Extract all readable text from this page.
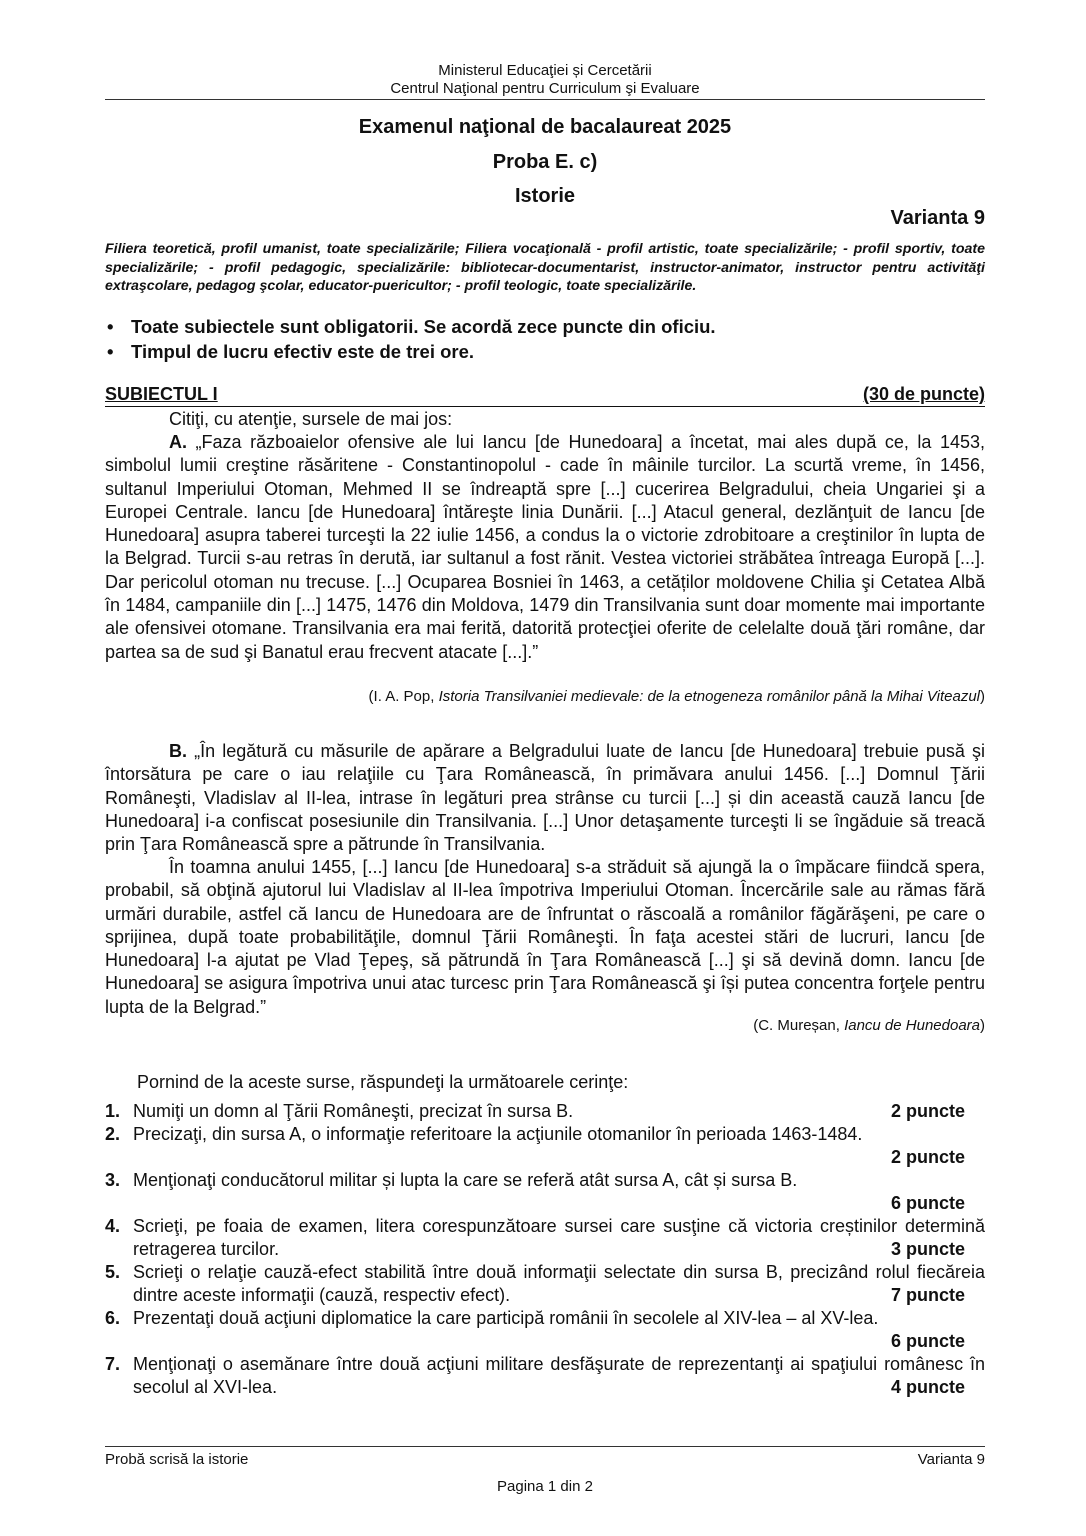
Ministerul Educaţiei și Cercetării
Centrul Naţional pentru Curriculum şi Evaluare
Examenul naţional de bacalaureat 2025
Proba E. c)
Istorie
Varianta 9
Filiera teoretică, profil umanist, toate specializările; Filiera vocaţională - profil artistic, toate specializările; - profil sportiv, toate specializările; - profil pedagogic, specializările: bibliotecar-documentarist, instructor-animator, instructor pentru activităţi extraşcolare, pedagog şcolar, educator-puericultor; - profil teologic, toate specializările.
• Toate subiectele sunt obligatorii. Se acordă zece puncte din oficiu.
• Timpul de lucru efectiv este de trei ore.
SUBIECTUL I	(30 de puncte)
Citiţi, cu atenţie, sursele de mai jos:
A. „Faza războaielor ofensive ale lui Iancu [de Hunedoara] a încetat, mai ales după ce, la 1453, simbolul lumii creştine răsăritene - Constantinopolul - cade în mâinile turcilor. La scurtă vreme, în 1456, sultanul Imperiului Otoman, Mehmed II se îndreaptă spre [...] cucerirea Belgradului, cheia Ungariei şi a Europei Centrale. Iancu [de Hunedoara] întăreşte linia Dunării. [...] Atacul general, dezlănţuit de Iancu [de Hunedoara] asupra taberei turceşti la 22 iulie 1456, a condus la o victorie zdrobitoare a creştinilor în lupta de la Belgrad. Turcii s-au retras în derută, iar sultanul a fost rănit. Vestea victoriei străbătea întreaga Europă [...]. Dar pericolul otoman nu trecuse. [...] Ocuparea Bosniei în 1463, a cetăților moldovene Chilia şi Cetatea Albă în 1484, campaniile din [...] 1475, 1476 din Moldova, 1479 din Transilvania sunt doar momente mai importante ale ofensivei otomane. Transilvania era mai ferită, datorită protecţiei oferite de celelalte două ţări române, dar partea sa de sud şi Banatul erau frecvent atacate [...].”
(I. A. Pop, Istoria Transilvaniei medievale: de la etnogeneza românilor până la Mihai Viteazul)
B. „În legătură cu măsurile de apărare a Belgradului luate de Iancu [de Hunedoara] trebuie pusă şi întorsătura pe care o iau relaţiile cu Ţara Românească, în primăvara anului 1456. [...] Domnul Ţării Româneşti, Vladislav al II-lea, intrase în legături prea strânse cu turcii [...] și din această cauză Iancu [de Hunedoara] i-a confiscat posesiunile din Transilvania. [...] Unor detaşamente turceşti li se îngăduie să treacă prin Ţara Românească spre a pătrunde în Transilvania.
În toamna anului 1455, [...] Iancu [de Hunedoara] s-a străduit să ajungă la o împăcare fiindcă spera, probabil, să obţină ajutorul lui Vladislav al II-lea împotriva Imperiului Otoman. Încercările sale au rămas fără urmări durabile, astfel că Iancu de Hunedoara are de înfruntat o răscoală a românilor făgărăşeni, pe care o sprijinea, după toate probabilităţile, domnul Ţării Româneşti. În faţa acestei stări de lucruri, Iancu [de Hunedoara] l-a ajutat pe Vlad Ţepeş, să pătrundă în Ţara Românească [...] şi să devină domn. Iancu [de Hunedoara] se asigura împotriva unui atac turcesc prin Ţara Românească şi își putea concentra forţele pentru lupta de la Belgrad.”
(C. Mureșan, Iancu de Hunedoara)
Pornind de la aceste surse, răspundeţi la următoarele cerinţe:
1. Numiţi un domn al Ţării Româneşti, precizat în sursa B.	2 puncte
2. Precizaţi, din sursa A, o informaţie referitoare la acţiunile otomanilor în perioada 1463-1484.
2 puncte
3. Menţionaţi conducătorul militar și lupta la care se referă atât sursa A, cât și sursa B.
6 puncte
4. Scrieţi, pe foaia de examen, litera corespunzătoare sursei care susţine că victoria creștinilor determină retragerea turcilor.	3 puncte
5. Scrieţi o relaţie cauză-efect stabilită între două informaţii selectate din sursa B, precizând rolul fiecăreia dintre aceste informaţii (cauză, respectiv efect).	7 puncte
6. Prezentaţi două acţiuni diplomatice la care participă românii în secolele al XIV-lea – al XV-lea.
6 puncte
7. Menţionaţi o asemănare între două acţiuni militare desfăşurate de reprezentanţi ai spaţiului românesc în secolul al XVI-lea.	4 puncte
Probă scrisă la istorie	Varianta 9
Pagina 1 din 2
